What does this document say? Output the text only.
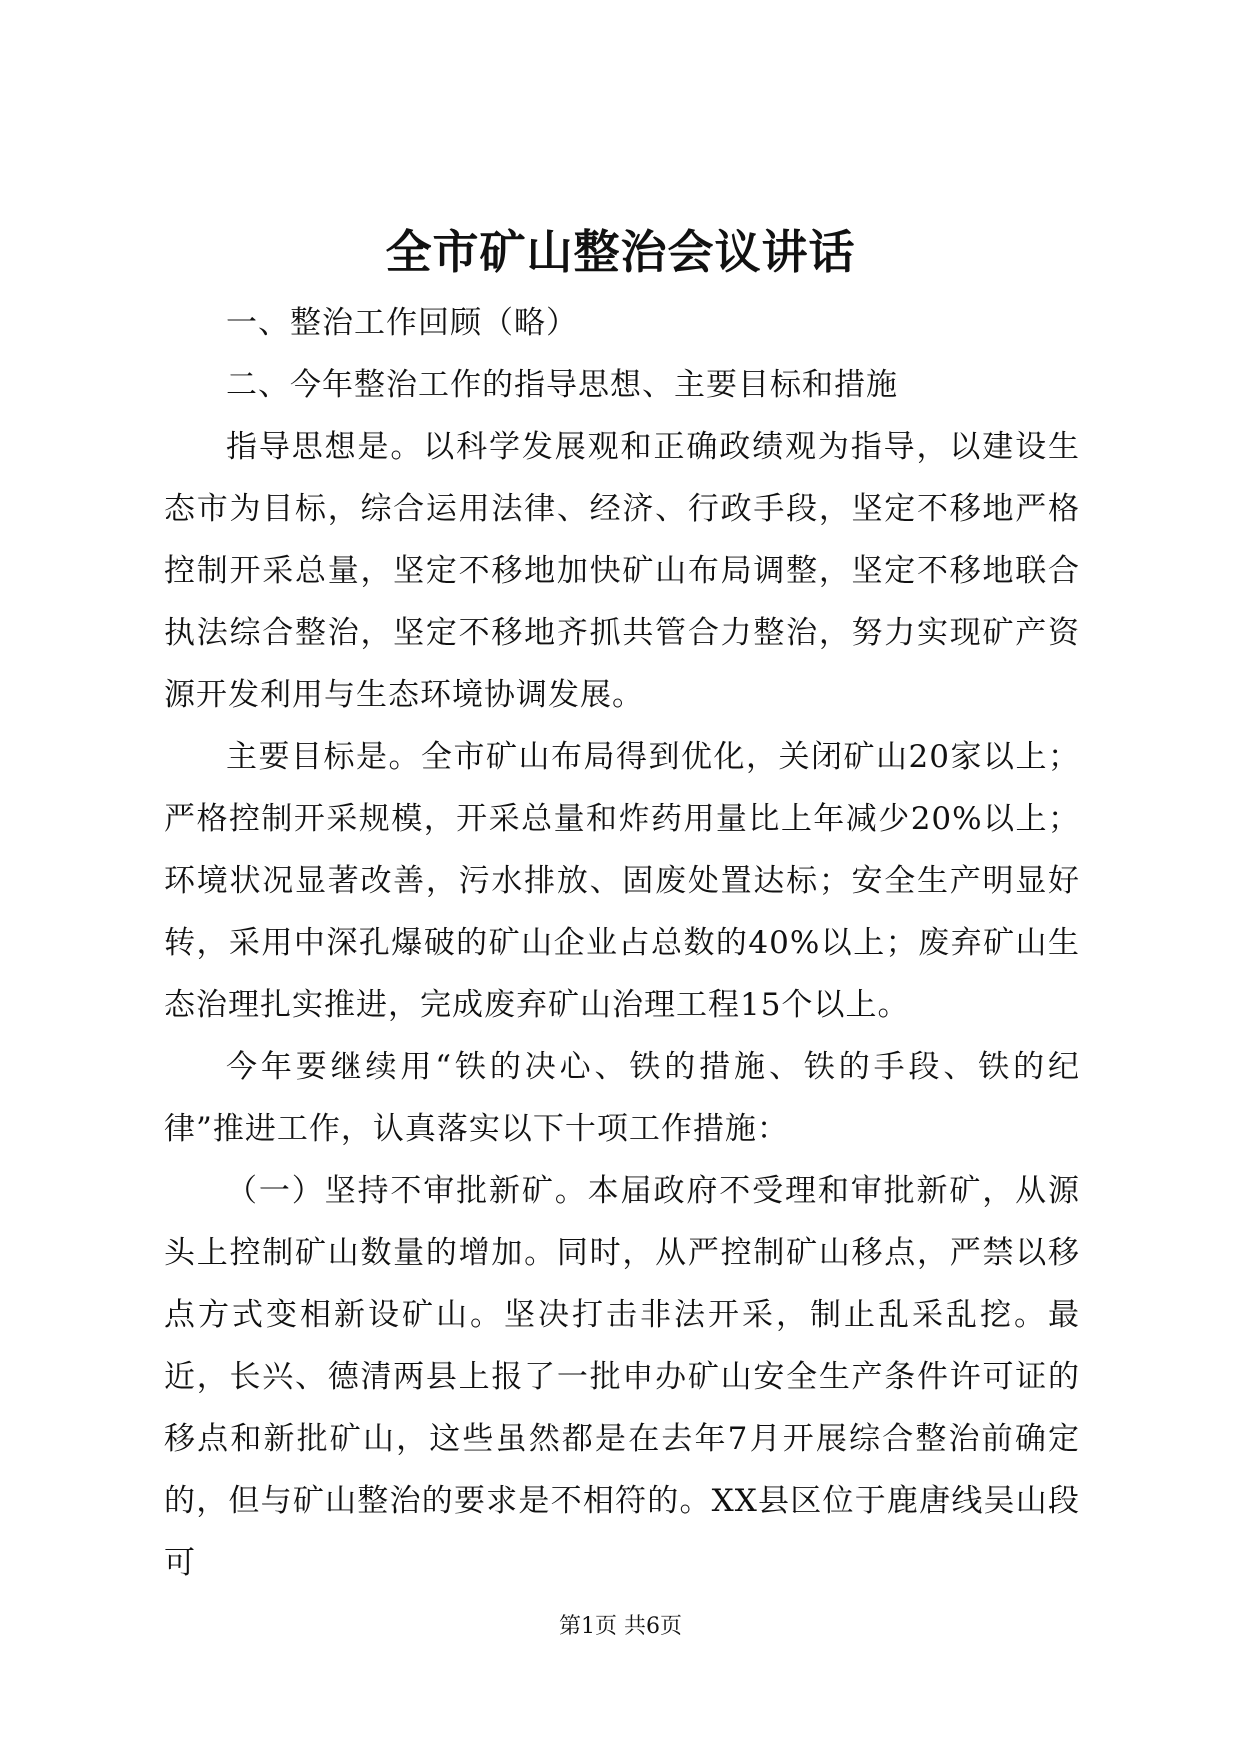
全市矿山整治会议讲话

一、整治工作回顾（略）

二、今年整治工作的指导思想、主要目标和措施

指导思想是。以科学发展观和正确政绩观为指导，以建设生态市为目标，综合运用法律、经济、行政手段，坚定不移地严格控制开采总量，坚定不移地加快矿山布局调整，坚定不移地联合执法综合整治，坚定不移地齐抓共管合力整治，努力实现矿产资源开发利用与生态环境协调发展。

主要目标是。全市矿山布局得到优化，关闭矿山20家以上；严格控制开采规模，开采总量和炸药用量比上年减少20%以上；环境状况显著改善，污水排放、固废处置达标；安全生产明显好转，采用中深孔爆破的矿山企业占总数的40%以上；废弃矿山生态治理扎实推进，完成废弃矿山治理工程15个以上。

今年要继续用“铁的决心、铁的措施、铁的手段、铁的纪律”推进工作，认真落实以下十项工作措施：

（一）坚持不审批新矿。本届政府不受理和审批新矿，从源头上控制矿山数量的增加。同时，从严控制矿山移点，严禁以移点方式变相新设矿山。坚决打击非法开采，制止乱采乱挖。最近，长兴、德清两县上报了一批申办矿山安全生产条件许可证的移点和新批矿山，这些虽然都是在去年7月开展综合整治前确定的，但与矿山整治的要求是不相符的。XX县区位于鹿唐线吴山段可

第1页 共6页
